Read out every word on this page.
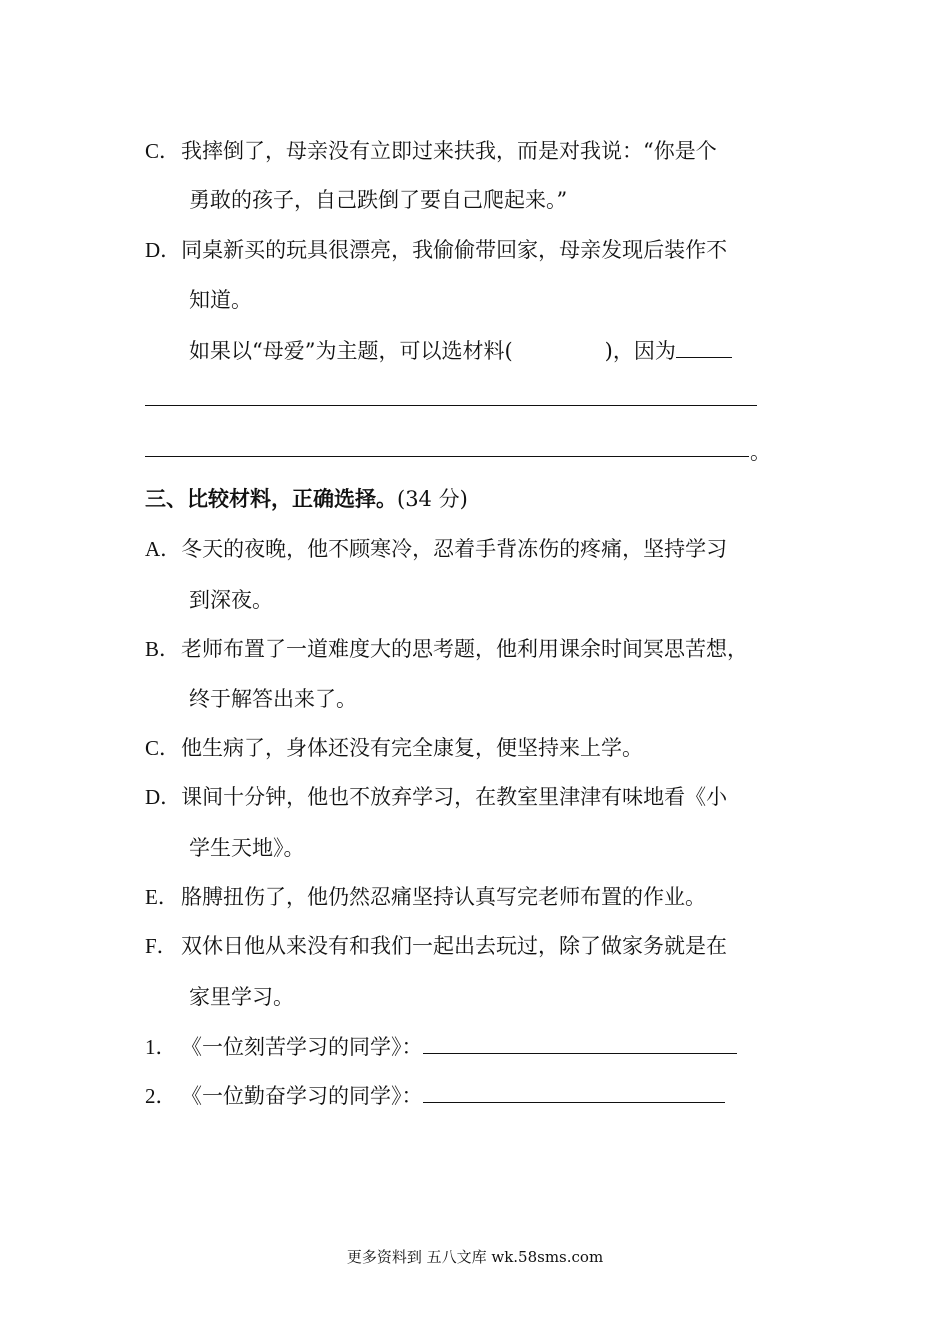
C．我摔倒了，母亲没有立即过来扶我，而是对我说：“你是个
勇敢的孩子，自己跌倒了要自己爬起来。”
D．同桌新买的玩具很漂亮，我偷偷带回家，母亲发现后装作不
知道。
如果以“母爱”为主题，可以选材料(	)，因为
。
三、比较材料，正确选择。(34 分)
A．冬天的夜晚，他不顾寒冷，忍着手背冻伤的疼痛，坚持学习
到深夜。
B．老师布置了一道难度大的思考题，他利用课余时间冥思苦想，
终于解答出来了。
C．他生病了，身体还没有完全康复，便坚持来上学。
D．课间十分钟，他也不放弃学习，在教室里津津有味地看《小
学生天地》。
E． 胳膊扭伤了，他仍然忍痛坚持认真写完老师布置的作业。
F． 双休日他从来没有和我们一起出去玩过，除了做家务就是在
家里学习。
1． 《一位刻苦学习的同学》：
2． 《一位勤奋学习的同学》：
更多资料到 五八文库 wk.58sms.com
